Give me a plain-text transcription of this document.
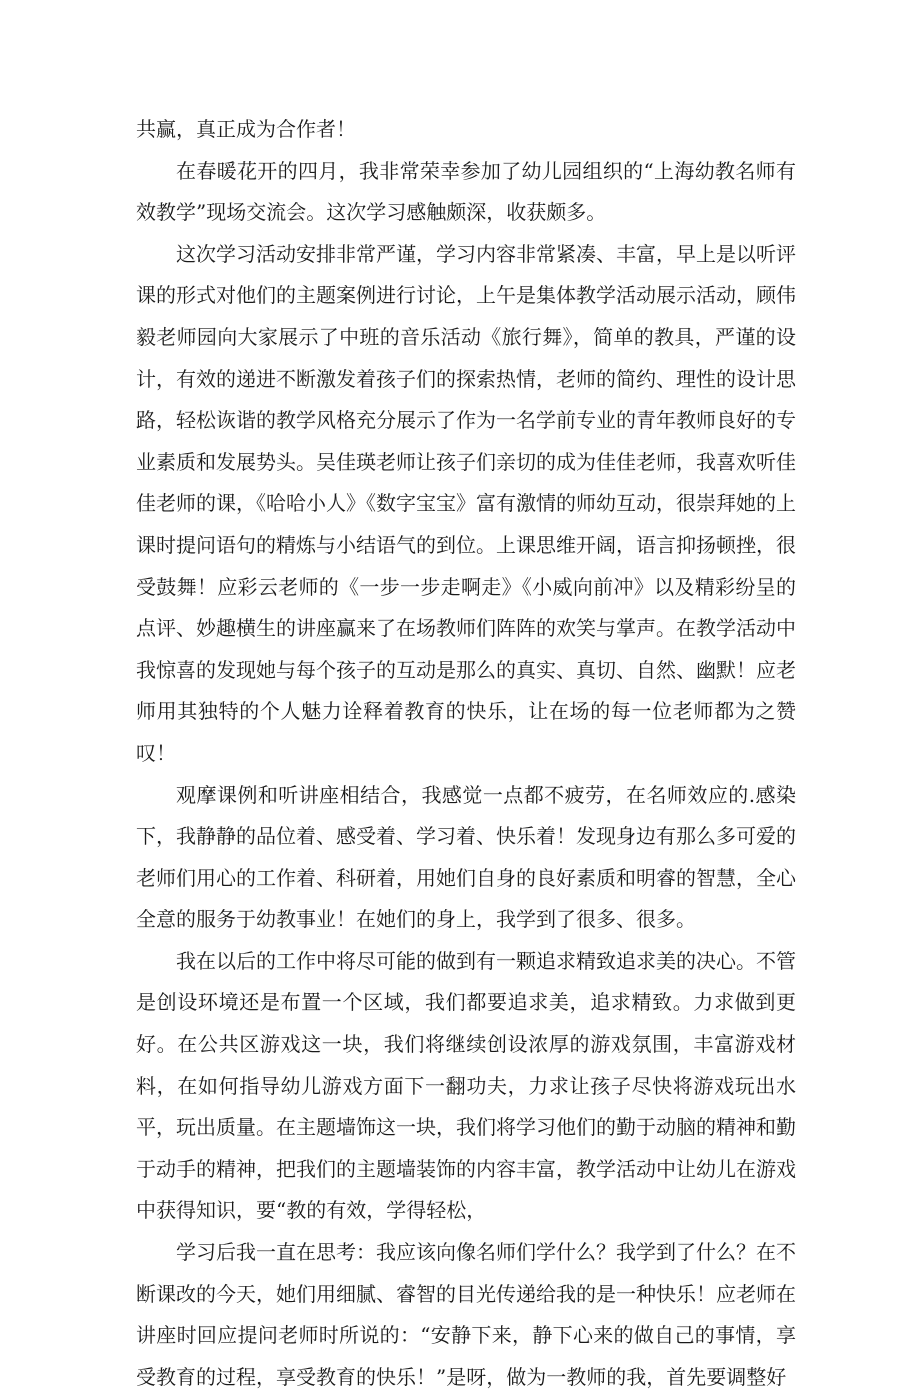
共赢，真正成为合作者！

在春暖花开的四月，我非常荣幸参加了幼儿园组织的“上海幼教名师有效教学”现场交流会。这次学习感触颇深，收获颇多。

这次学习活动安排非常严谨，学习内容非常紧凑、丰富，早上是以听评课的形式对他们的主题案例进行讨论，上午是集体教学活动展示活动，顾伟毅老师园向大家展示了中班的音乐活动《旅行舞》，简单的教具，严谨的设计，有效的递进不断激发着孩子们的探索热情，老师的简约、理性的设计思路，轻松诙谐的教学风格充分展示了作为一名学前专业的青年教师良好的专业素质和发展势头。吴佳瑛老师让孩子们亲切的成为佳佳老师，我喜欢听佳佳老师的课，《哈哈小人》《数字宝宝》富有激情的师幼互动，很崇拜她的上课时提问语句的精炼与小结语气的到位。上课思维开阔，语言抑扬顿挫，很受鼓舞！应彩云老师的《一步一步走啊走》《小威向前冲》以及精彩纷呈的点评、妙趣横生的讲座赢来了在场教师们阵阵的欢笑与掌声。在教学活动中我惊喜的发现她与每个孩子的互动是那么的真实、真切、自然、幽默！应老师用其独特的个人魅力诠释着教育的快乐，让在场的每一位老师都为之赞叹！

观摩课例和听讲座相结合，我感觉一点都不疲劳，在名师效应的.感染下，我静静的品位着、感受着、学习着、快乐着！发现身边有那么多可爱的老师们用心的工作着、科研着，用她们自身的良好素质和明睿的智慧，全心全意的服务于幼教事业！在她们的身上，我学到了很多、很多。

我在以后的工作中将尽可能的做到有一颗追求精致追求美的决心。不管是创设环境还是布置一个区域，我们都要追求美，追求精致。力求做到更好。在公共区游戏这一块，我们将继续创设浓厚的游戏氛围，丰富游戏材料，在如何指导幼儿游戏方面下一翻功夫，力求让孩子尽快将游戏玩出水平，玩出质量。在主题墙饰这一块，我们将学习他们的勤于动脑的精神和勤于动手的精神，把我们的主题墙装饰的内容丰富，教学活动中让幼儿在游戏中获得知识，要“教的有效，学得轻松，

学习后我一直在思考：我应该向像名师们学什么？我学到了什么？在不断课改的今天，她们用细腻、睿智的目光传递给我的是一种快乐！应老师在讲座时回应提问老师时所说的：“安静下来，静下心来的做自己的事情，享受教育的过程，享受教育的快乐！”是呀，做为一教师的我，首先要调整好
